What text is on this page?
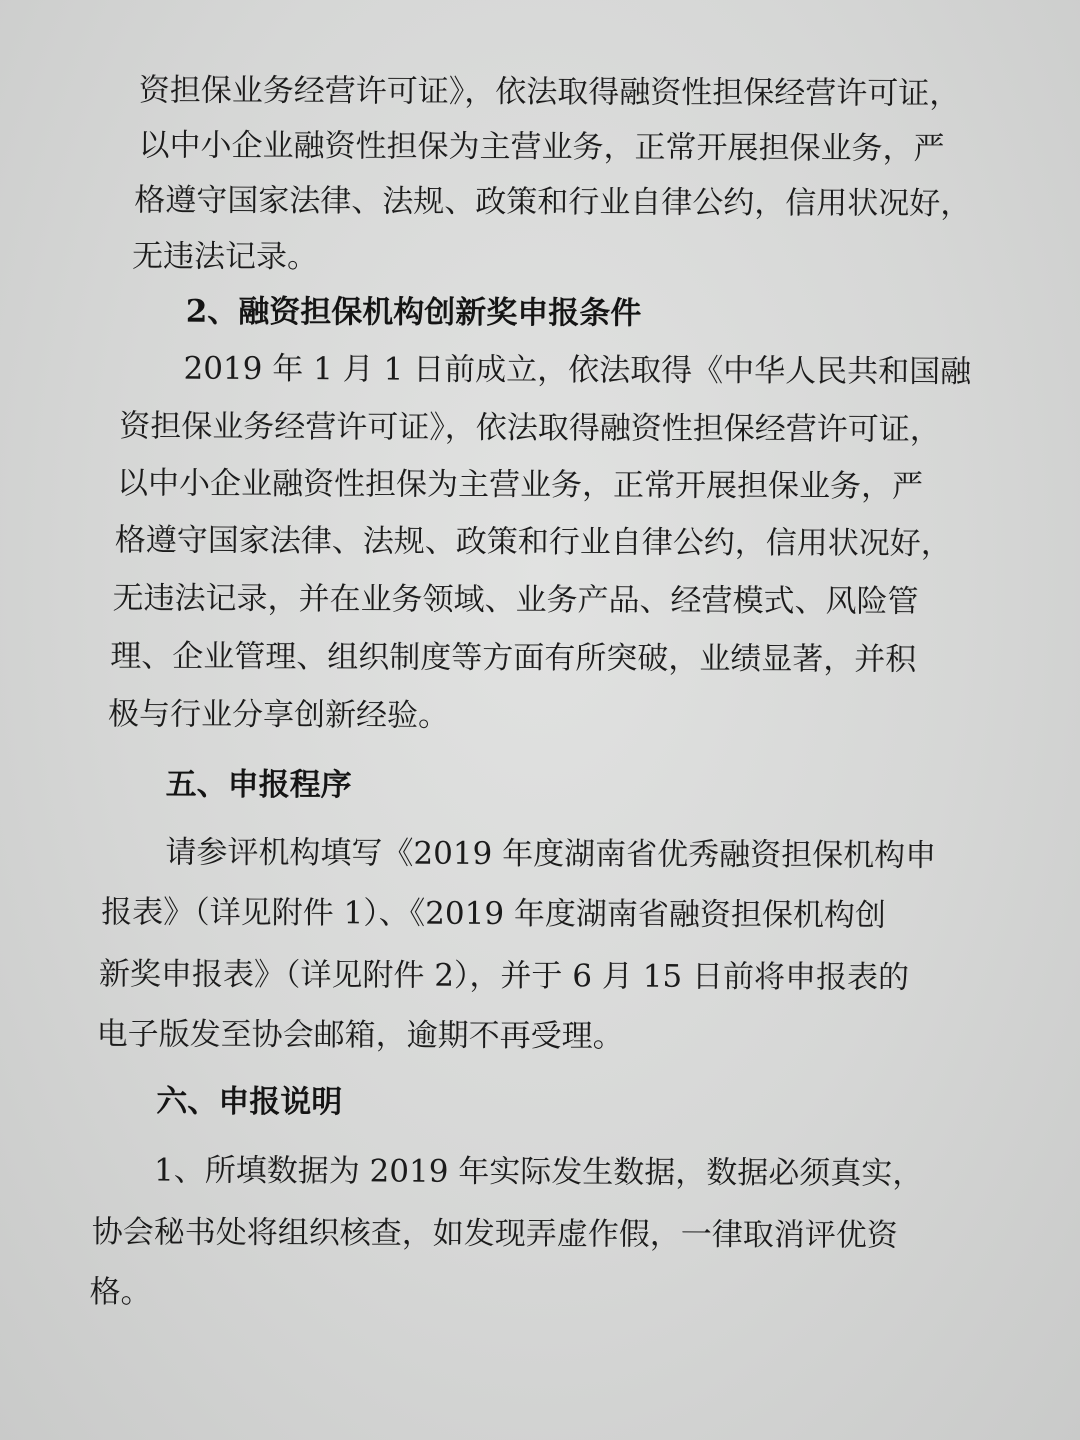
资担保业务经营许可证》，依法取得融资性担保经营许可证，
以中小企业融资性担保为主营业务，正常开展担保业务，严
格遵守国家法律、法规、政策和行业自律公约，信用状况好，
无违法记录。
2、融资担保机构创新奖申报条件
2019 年 1 月 1 日前成立，依法取得《中华人民共和国融
资担保业务经营许可证》，依法取得融资性担保经营许可证，
以中小企业融资性担保为主营业务，正常开展担保业务，严
格遵守国家法律、法规、政策和行业自律公约，信用状况好，
无违法记录，并在业务领域、业务产品、经营模式、风险管
理、企业管理、组织制度等方面有所突破，业绩显著，并积
极与行业分享创新经验。
五、申报程序
请参评机构填写《2019 年度湖南省优秀融资担保机构申
报表》（详见附件 1）、《2019 年度湖南省融资担保机构创
新奖申报表》（详见附件 2），并于 6 月 15 日前将申报表的
电子版发至协会邮箱，逾期不再受理。
六、申报说明
1、所填数据为 2019 年实际发生数据，数据必须真实，
协会秘书处将组织核查，如发现弄虚作假，一律取消评优资
格。
